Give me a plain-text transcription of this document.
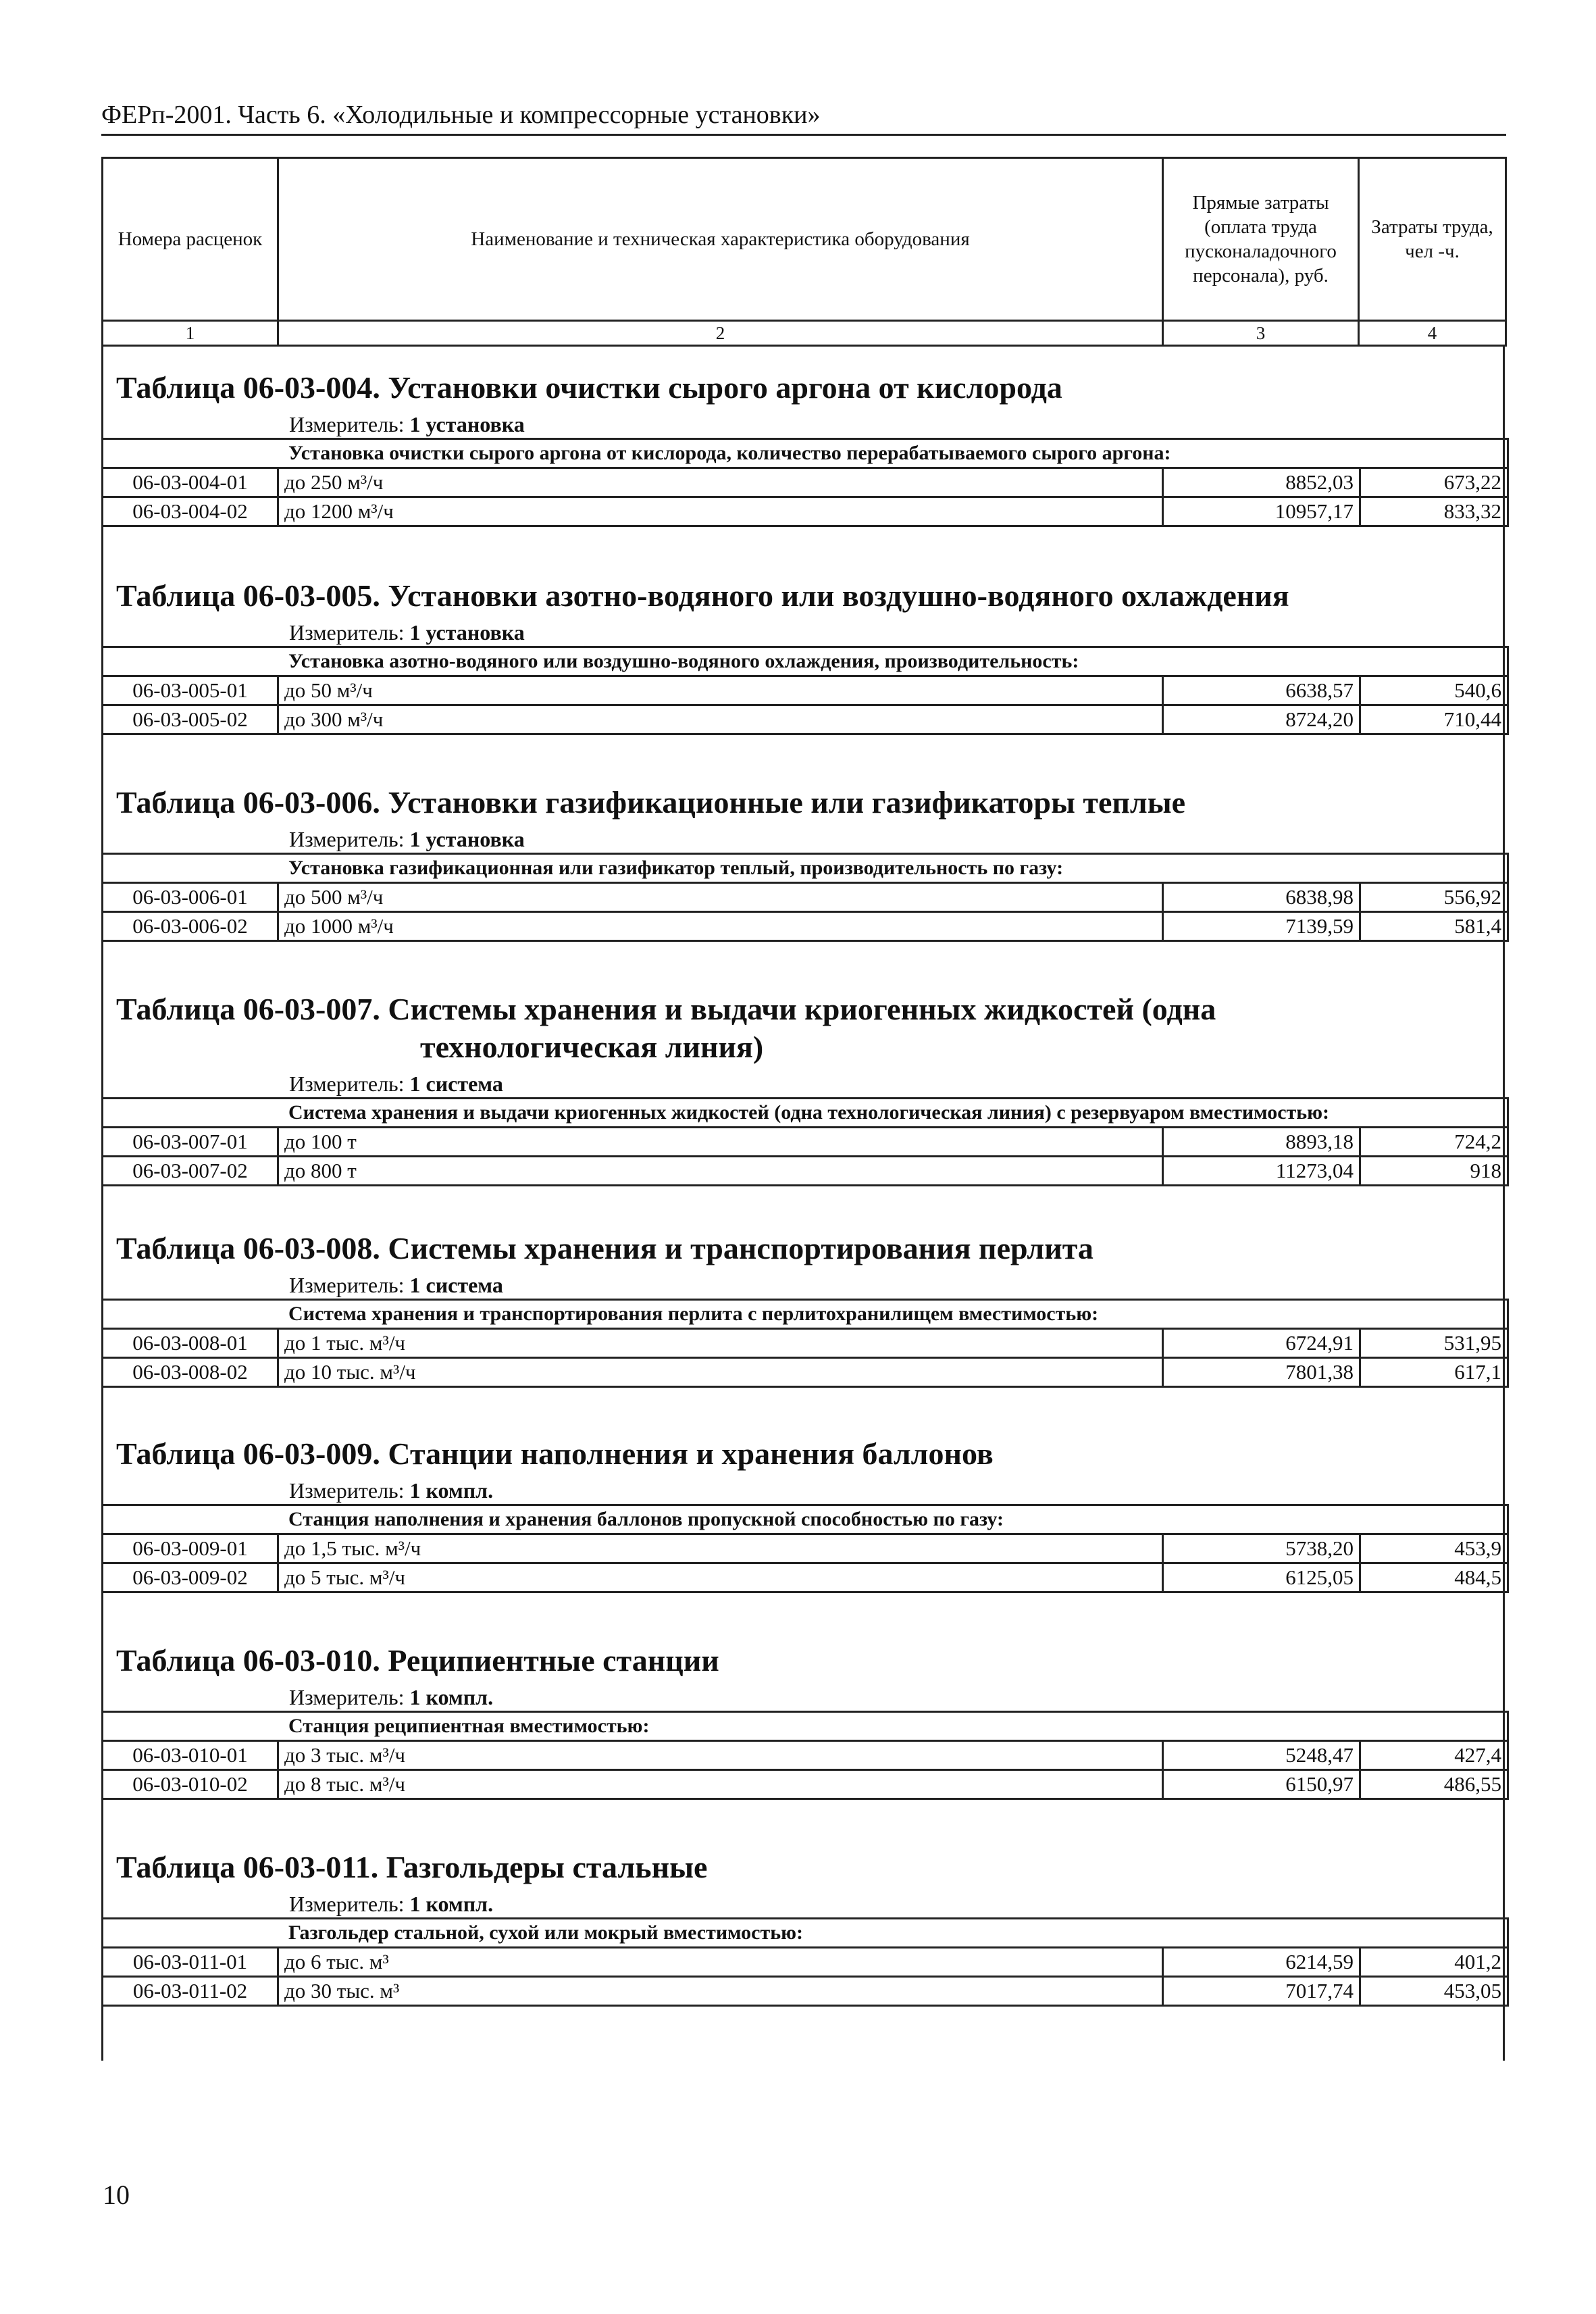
ФЕРп-2001. Часть 6. «Холодильные и компрессорные установки»
Номера расценок	Наименование и техническая характеристика оборудования	Прямые затраты (оплата труда пусконаладочного персонала), руб.	Затраты труда, чел -ч.
1	2	3	4
Таблица 06-03-004. Установки очистки сырого аргона от кислорода
Измеритель: 1 установка
Установка очистки сырого аргона от кислорода, количество перерабатываемого сырого аргона:			
06-03-004-01	до 250 м³/ч	8852,03	673,22
06-03-004-02	до 1200 м³/ч	10957,17	833,32
Таблица 06-03-005. Установки азотно-водяного или воздушно-водяного охлаждения
Измеритель: 1 установка
Установка азотно-водяного или воздушно-водяного охлаждения, производительность:			
06-03-005-01	до 50 м³/ч	6638,57	540,6
06-03-005-02	до 300 м³/ч	8724,20	710,44
Таблица 06-03-006. Установки газификационные или газификаторы теплые
Измеритель: 1 установка
Установка газификационная или газификатор теплый, производительность по газу:			
06-03-006-01	до 500 м³/ч	6838,98	556,92
06-03-006-02	до 1000 м³/ч	7139,59	581,4
Таблица 06-03-007. Системы хранения и выдачи криогенных жидкостей (одна
технологическая линия)
Измеритель: 1 система
Система хранения и выдачи криогенных жидкостей (одна технологическая линия) с резервуаром вместимостью:			
06-03-007-01	до 100 т	8893,18	724,2
06-03-007-02	до 800 т	11273,04	918
Таблица 06-03-008. Системы хранения и транспортирования перлита
Измеритель: 1 система
Система хранения и транспортирования перлита с перлитохранилищем вместимостью:			
06-03-008-01	до 1 тыс. м³/ч	6724,91	531,95
06-03-008-02	до 10 тыс. м³/ч	7801,38	617,1
Таблица 06-03-009. Станции наполнения и хранения баллонов
Измеритель: 1 компл.
Станция наполнения и хранения баллонов пропускной способностью по газу:			
06-03-009-01	до 1,5 тыс. м³/ч	5738,20	453,9
06-03-009-02	до 5 тыс. м³/ч	6125,05	484,5
Таблица 06-03-010. Реципиентные станции
Измеритель: 1 компл.
Станция реципиентная вместимостью:			
06-03-010-01	до 3 тыс. м³/ч	5248,47	427,4
06-03-010-02	до 8 тыс. м³/ч	6150,97	486,55
Таблица 06-03-011. Газгольдеры стальные
Измеритель: 1 компл.
Газгольдер стальной, сухой или мокрый вместимостью:			
06-03-011-01	до 6 тыс. м³	6214,59	401,2
06-03-011-02	до 30 тыс. м³	7017,74	453,05
10
